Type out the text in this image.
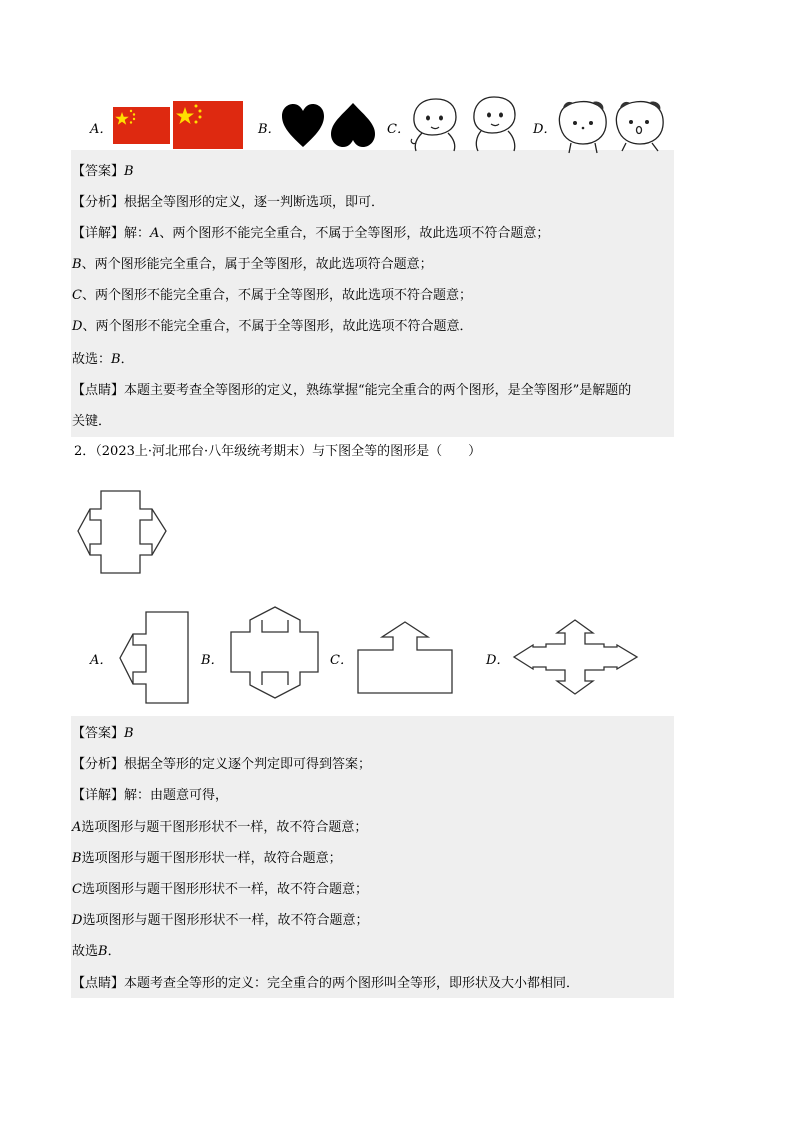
A．	B．	C．	D．
【答案】B
【分析】根据全等图形的定义，逐一判断选项，即可．
【详解】解：A、两个图形不能完全重合，不属于全等图形，故此选项不符合题意；
B、两个图形能完全重合，属于全等图形，故此选项符合题意；
C、两个图形不能完全重合，不属于全等图形，故此选项不符合题意；
D、两个图形不能完全重合，不属于全等图形，故此选项不符合题意．
故选：B．
【点睛】本题主要考查全等图形的定义，熟练掌握“能完全重合的两个图形，是全等图形”是解题的
关键．
2．（2023上·河北邢台·八年级统考期末）与下图全等的图形是（　　）
A．	B．	C．	D．
【答案】B
【分析】根据全等形的定义逐个判定即可得到答案；
【详解】解：由题意可得，
A选项图形与题干图形形状不一样，故不符合题意；
B选项图形与题干图形形状一样，故符合题意；
C选项图形与题干图形形状不一样，故不符合题意；
D选项图形与题干图形形状不一样，故不符合题意；
故选B．
【点睛】本题考查全等形的定义：完全重合的两个图形叫全等形，即形状及大小都相同．
